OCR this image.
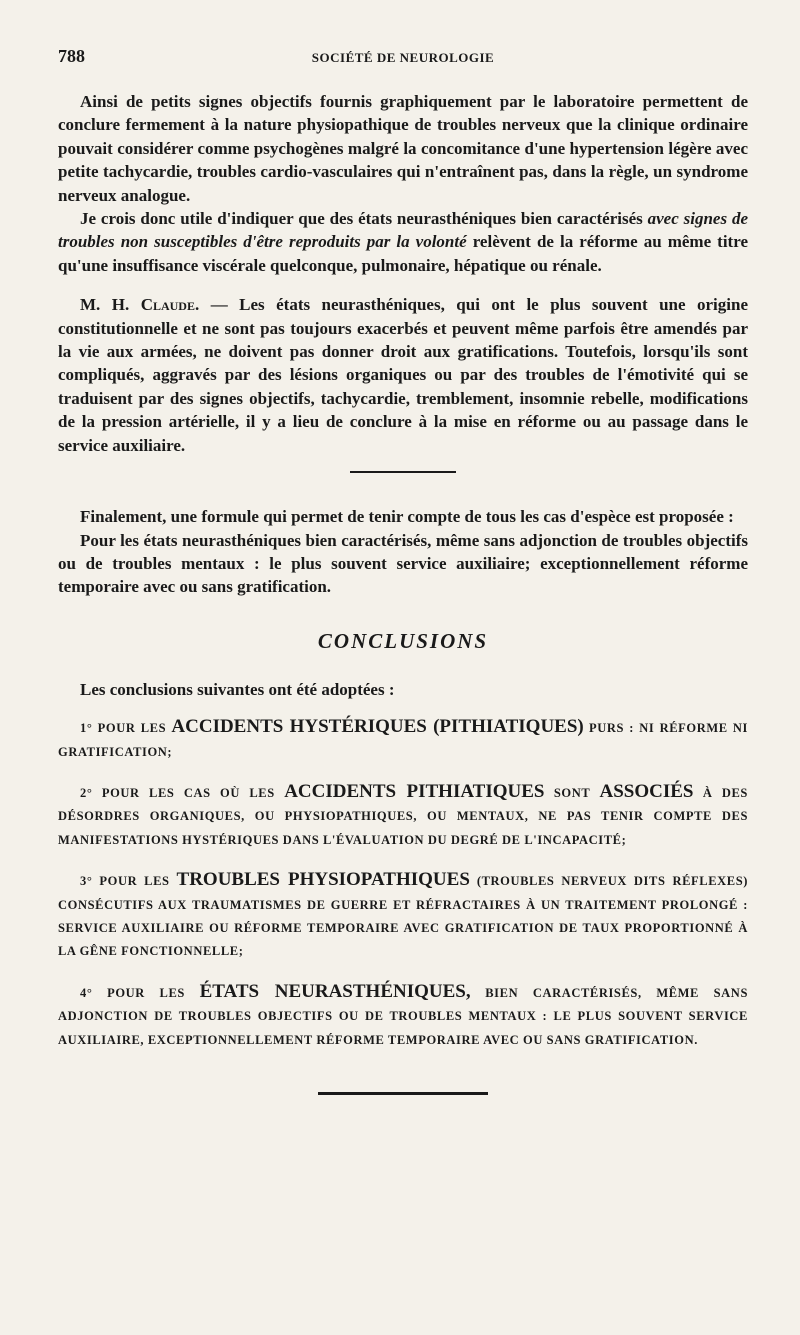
788	SOCIÉTÉ DE NEUROLOGIE

Ainsi de petits signes objectifs fournis graphiquement par le laboratoire permettent de conclure fermement à la nature physiopathique de troubles nerveux que la clinique ordinaire pouvait considérer comme psychogènes malgré la concomitance d'une hypertension légère avec petite tachycardie, troubles cardio-vasculaires qui n'entraînent pas, dans la règle, un syndrome nerveux analogue.

Je crois donc utile d'indiquer que des états neurasthéniques bien caractérisés avec signes de troubles non susceptibles d'être reproduits par la volonté relèvent de la réforme au même titre qu'une insuffisance viscérale quelconque, pulmonaire, hépatique ou rénale.

M. H. Claude. — Les états neurasthéniques, qui ont le plus souvent une origine constitutionnelle et ne sont pas toujours exacerbés et peuvent même parfois être amendés par la vie aux armées, ne doivent pas donner droit aux gratifications. Toutefois, lorsqu'ils sont compliqués, aggravés par des lésions organiques ou par des troubles de l'émotivité qui se traduisent par des signes objectifs, tachycardie, tremblement, insomnie rebelle, modifications de la pression artérielle, il y a lieu de conclure à la mise en réforme ou au passage dans le service auxiliaire.

Finalement, une formule qui permet de tenir compte de tous les cas d'espèce est proposée :

Pour les états neurasthéniques bien caractérisés, même sans adjonction de troubles objectifs ou de troubles mentaux : le plus souvent service auxiliaire; exceptionnellement réforme temporaire avec ou sans gratification.

CONCLUSIONS

Les conclusions suivantes ont été adoptées :

1° POUR LES ACCIDENTS HYSTÉRIQUES (PITHIATIQUES) PURS : NI RÉFORME NI GRATIFICATION;

2° POUR LES CAS OÙ LES ACCIDENTS PITHIATIQUES SONT ASSOCIÉS À DES DÉSORDRES ORGANIQUES, OU PHYSIOPATHIQUES, OU MENTAUX, NE PAS TENIR COMPTE DES MANIFESTATIONS HYSTÉRIQUES DANS L'ÉVALUATION DU DEGRÉ DE L'INCAPACITÉ;

3° POUR LES TROUBLES PHYSIOPATHIQUES (TROUBLES NERVEUX DITS RÉFLEXES) CONSÉCUTIFS AUX TRAUMATISMES DE GUERRE ET RÉFRACTAIRES À UN TRAITEMENT PROLONGÉ : SERVICE AUXILIAIRE OU RÉFORME TEMPORAIRE AVEC GRATIFICATION DE TAUX PROPORTIONNÉ À LA GÊNE FONCTIONNELLE;

4° POUR LES ÉTATS NEURASTHÉNIQUES, BIEN CARACTÉRISÉS, MÊME SANS ADJONCTION DE TROUBLES OBJECTIFS OU DE TROUBLES MENTAUX : LE PLUS SOUVENT SERVICE AUXILIAIRE, EXCEPTIONNELLEMENT RÉFORME TEMPORAIRE AVEC OU SANS GRATIFICATION.
